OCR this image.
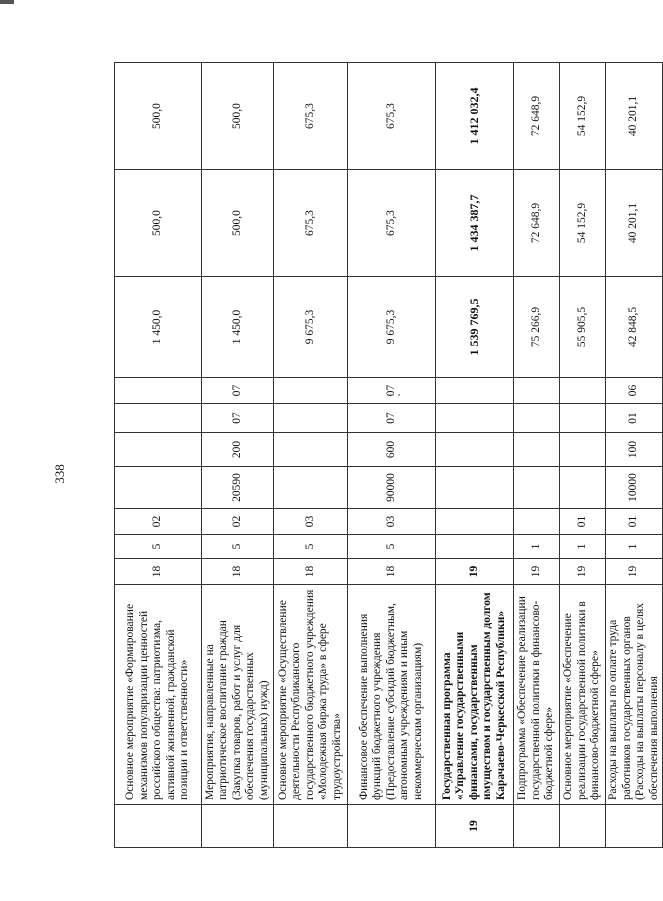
338
	Основное мероприятие «Формирование механизмов популяризации ценностей российского общества: патриотизма, активной жизненной, гражданской позиции и ответственности»	18	5	02					1 450,0	500,0	500,0
	Мероприятия, направленные на патриотическое воспитание граждан (Закупка товаров, работ и услуг для обеспечения государственных (муниципальных) нужд)	18	5	02	20590	200	07	07	1 450,0	500,0	500,0
	Основное мероприятие «Осуществление деятельности Республиканского государственного бюджетного учреждения «Молодежная биржа труда» в сфере трудоустройства»	18	5	03					9 675,3	675,3	675,3
	Финансовое обеспечение выполнения функций бюджетного учреждения (Предоставление субсидий бюджетным, автономным учреждениям и иным некоммерческим организациям)	18	5	03	90000	600	07	07	9 675,3	675,3	675,3
19	Государственная программа «Управление государственными финансами, государственным имуществом и государственным долгом Карачаево-Черкесской Республики»	19							1 539 769,5	1 434 387,7	1 412 032,4
	Подпрограмма «Обеспечение реализации государственной политики в финансово-бюджетной сфере»	19	1						75 266,9	72 648,9	72 648,9
	Основное мероприятие «Обеспечение реализации государственной политики в финансово-бюджетной сфере»	19	1	01					55 905,5	54 152,9	54 152,9
	Расходы на выплаты по оплате труда работников государственных органов (Расходы на выплаты персоналу в целях обеспечения выполнения	19	1	01	10000	100	01	06	42 848,5	40 201,1	40 201,1
